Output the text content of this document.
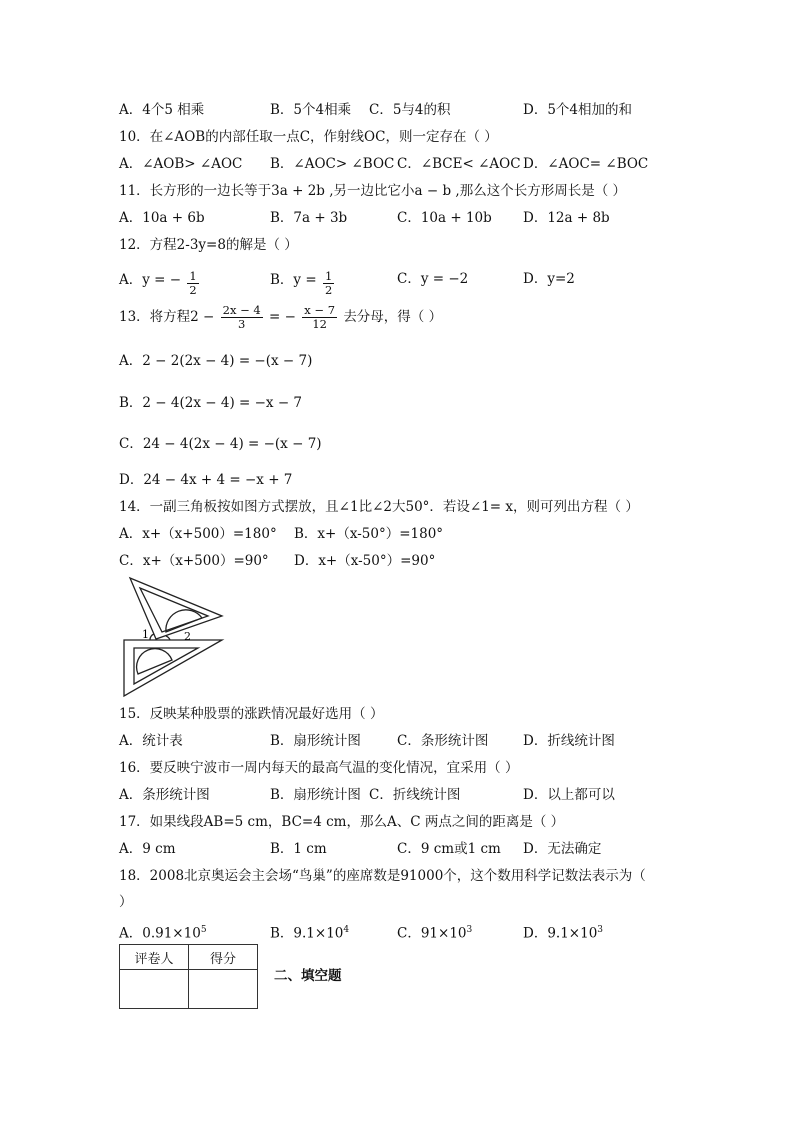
A．4个5 相乘	B．5个4相乘 C．5与4的积	D．5个4相加的和
10．在∠AOB的内部任取一点C，作射线OC，则一定存在（ ）
A．∠AOB> ∠AOC B．∠AOC> ∠BOC C．∠BCE< ∠AOC D．∠AOC= ∠BOC
11．长方形的一边长等于3a + 2b ,另一边比它小a − b ,那么这个长方形周长是（ ）
A．10a + 6b	B．7a + 3b	C．10a + 10b D．12a + 8b
12．方程2-3y=8的解是（ ）
A．y = − $\frac{1}{2}$	B．$y = \frac{1}{2}$	C．y = −2	D．y=2
13．将方程$2 - \frac{2x - 4}{3}$ = − $\frac{x - 7}{12}$ 去分母，得（ ）
A．2 − 2(2x − 4) = −(x − 7)
B．2 − 4(2x − 4) = −x − 7
C．24 − 4(2x − 4) = −(x − 7)
D．24 − 4x + 4 = −x + 7
14．一副三角板按如图方式摆放，且∠1比∠2大50°．若设∠1= x，则可列出方程（ ）
A．x+（x+500）=180° B．x+（x-50°）=180°
C．x+（x+500）=90° D．x+（x-50°）=90°
1	2
15．反映某种股票的涨跌情况最好选用（ ）
A．统计表	B．扇形统计图	C．条形统计图	D．折线统计图
16．要反映宁波市一周内每天的最高气温的变化情况，宜采用（ ）
A．条形统计图	B．扇形统计图 C．折线统计图	D．以上都可以
17．如果线段AB=5 cm，BC=4 cm，那么A、C 两点之间的距离是（ ）
A．9 cm	B．1 cm	C．9 cm或1 cm D．无法确定
18．2008北京奥运会主会场“鸟巢”的座席数是91000个，这个数用科学记数法表示为（
）
A．$0.91\times 10^5$	B．$9.1\times 10^4$	C．$91\times 10^3$	D．$9.1\times 10^3$
评卷人	得分

二、填空题
